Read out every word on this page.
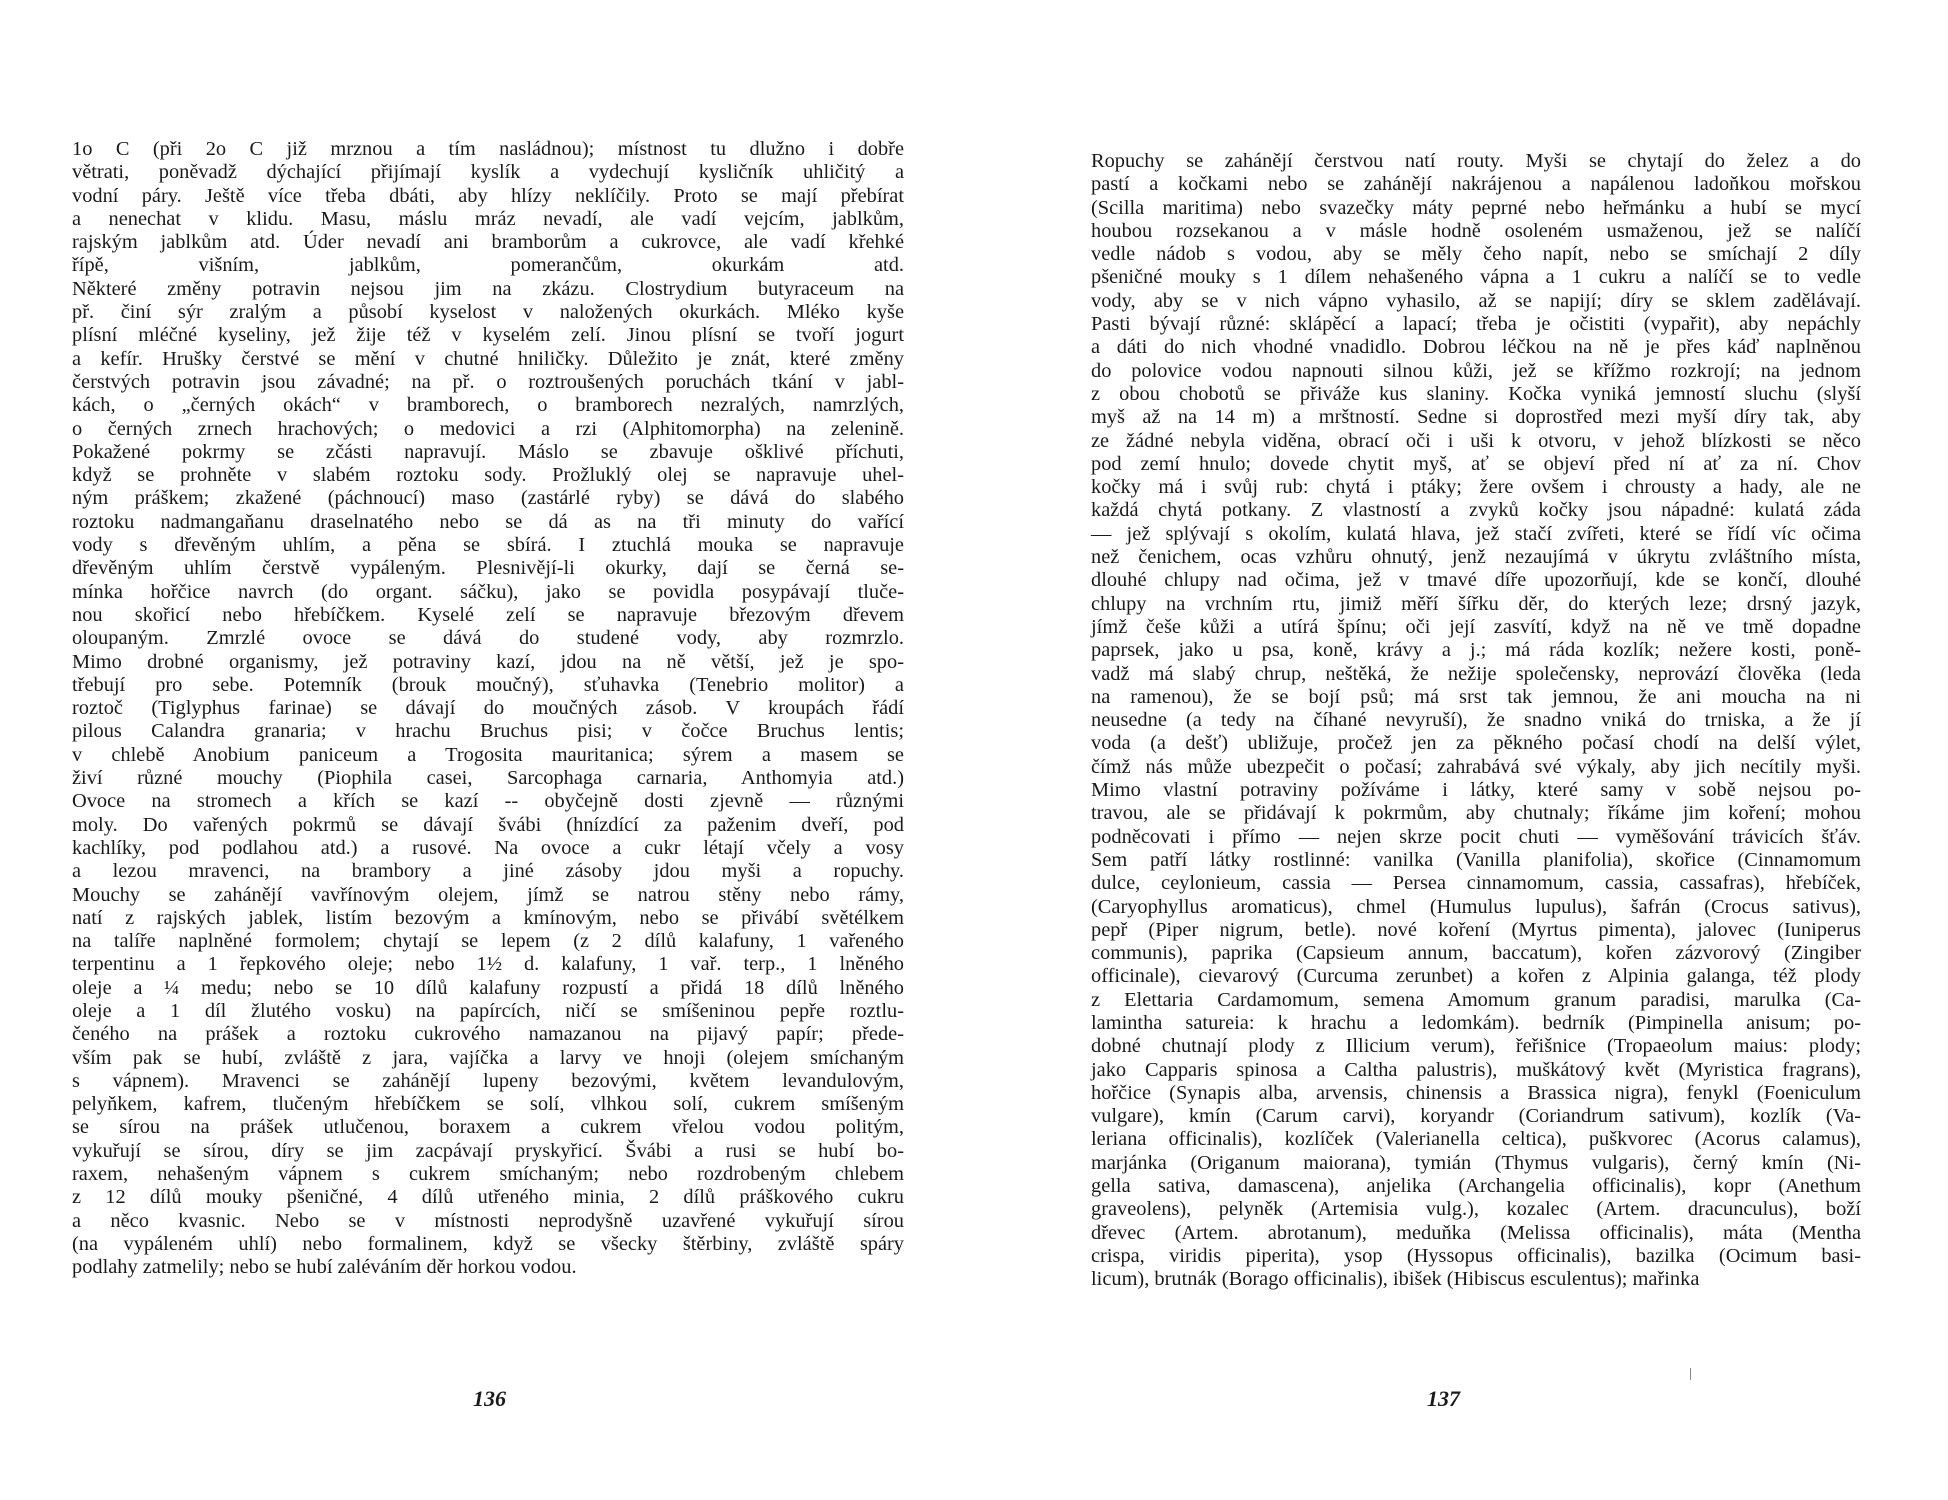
1o C (při 2o C již mrznou a tím nasládnou); místnost tu dlužno i dobře

větrati, poněvadž dýchající přijímají kyslík a vydechují kysličník uhličitý a

vodní páry. Ještě více třeba dbáti, aby hlízy neklíčily. Proto se mají přebírat

a nenechat v klidu. Masu, máslu mráz nevadí, ale vadí vejcím, jablkům,

rajským jablkům atd. Úder nevadí ani bramborům a cukrovce, ale vadí křehké

řípě, višním, jablkům, pomerančům, okurkám atd.

Některé změny potravin nejsou jim na zkázu. Clostrydium butyraceum na

př. činí sýr zralým a působí kyselost v naložených okurkách. Mléko kyše

plísní mléčné kyseliny, jež žije též v kyselém zelí. Jinou plísní se tvoří jogurt

a kefír. Hrušky čerstvé se mění v chutné hniličky. Důležito je znát, které změny

čerstvých potravin jsou závadné; na př. o roztroušených poruchách tkání v jabl-

kách, o „černých okách“ v bramborech, o bramborech nezralých, namrzlých,

o černých zrnech hrachových; o medovici a rzi (Alphitomorpha) na zelenině.

Pokažené pokrmy se zčásti napravují. Máslo se zbavuje ošklivé příchuti,

když se prohněte v slabém roztoku sody. Prožluklý olej se napravuje uhel-

ným práškem; zkažené (páchnoucí) maso (zastárlé ryby) se dává do slabého

roztoku nadmangaňanu draselnatého nebo se dá as na tři minuty do vařící

vody s dřevěným uhlím, a pěna se sbírá. I ztuchlá mouka se napravuje

dřevěným uhlím čerstvě vypáleným. Plesnivějí-li okurky, dají se černá se-

mínka hořčice navrch (do organt. sáčku), jako se povidla posypávají tluče-

nou skořicí nebo hřebíčkem. Kyselé zelí se napravuje březovým dřevem

oloupaným. Zmrzlé ovoce se dává do studené vody, aby rozmrzlo.

Mimo drobné organismy, jež potraviny kazí, jdou na ně větší, jež je spo-

třebují pro sebe. Potemník (brouk moučný), sťuhavka (Tenebrio molitor) a

roztoč (Tiglyphus farinae) se dávají do moučných zásob. V kroupách řádí

pilous Calandra granaria; v hrachu Bruchus pisi; v čočce Bruchus lentis;

v chlebě Anobium paniceum a Trogosita mauritanica; sýrem a masem se

živí různé mouchy (Piophila casei, Sarcophaga carnaria, Anthomyia atd.)

Ovoce na stromech a křích se kazí -- obyčejně dosti zjevně — různými

moly. Do vařených pokrmů se dávají švábi (hnízdící za paženim dveří, pod

kachlíky, pod podlahou atd.) a rusové. Na ovoce a cukr létají včely a vosy

a lezou mravenci, na brambory a jiné zásoby jdou myši a ropuchy.

Mouchy se zahánějí vavřínovým olejem, jímž se natrou stěny nebo rámy,

natí z rajských jablek, listím bezovým a kmínovým, nebo se přivábí světélkem

na talíře naplněné formolem; chytají se lepem (z 2 dílů kalafuny, 1 vařeného

terpentinu a 1 řepkového oleje; nebo 1½ d. kalafuny, 1 vař. terp., 1 lněného

oleje a ¼ medu; nebo se 10 dílů kalafuny rozpustí a přidá 18 dílů lněného

oleje a 1 díl žlutého vosku) na papírcích, ničí se smíšeninou pepře roztlu-

čeného na prášek a roztoku cukrového namazanou na pijavý papír; přede-

vším pak se hubí, zvláště z jara, vajíčka a larvy ve hnoji (olejem smíchaným

s vápnem). Mravenci se zahánějí lupeny bezovými, květem levandulovým,

pelyňkem, kafrem, tlučeným hřebíčkem se solí, vlhkou solí, cukrem smíšeným

se sírou na prášek utlučenou, boraxem a cukrem vřelou vodou politým,

vykuřují se sírou, díry se jim zacpávají pryskyřicí. Švábi a rusi se hubí bo-

raxem, nehašeným vápnem s cukrem smíchaným; nebo rozdrobeným chlebem

z 12 dílů mouky pšeničné, 4 dílů utřeného minia, 2 dílů práškového cukru

a něco kvasnic. Nebo se v místnosti neprodyšně uzavřené vykuřují sírou

(na vypáleném uhlí) nebo formalinem, když se všecky štěrbiny, zvláště spáry

podlahy zatmelily; nebo se hubí zaléváním děr horkou vodou.

136

Ropuchy se zahánějí čerstvou natí routy. Myši se chytají do želez a do

pastí a kočkami nebo se zahánějí nakrájenou a napálenou ladoňkou mořskou

(Scilla maritima) nebo svazečky máty peprné nebo heřmánku a hubí se mycí

houbou rozsekanou a v másle hodně osoleném usmaženou, jež se nalíčí

vedle nádob s vodou, aby se měly čeho napít, nebo se smíchají 2 díly

pšeničné mouky s 1 dílem nehašeného vápna a 1 cukru a nalíčí se to vedle

vody, aby se v nich vápno vyhasilo, až se napijí; díry se sklem zadělávají.

Pasti bývají různé: sklápěcí a lapací; třeba je očistiti (vypařit), aby nepáchly

a dáti do nich vhodné vnadidlo. Dobrou léčkou na ně je přes káď naplněnou

do polovice vodou napnouti silnou kůži, jež se křížmo rozkrojí; na jednom

z obou chobotů se přiváže kus slaniny. Kočka vyniká jemností sluchu (slyší

myš až na 14 m) a mrštností. Sedne si doprostřed mezi myší díry tak, aby

ze žádné nebyla viděna, obrací oči i uši k otvoru, v jehož blízkosti se něco

pod zemí hnulo; dovede chytit myš, ať se objeví před ní ať za ní. Chov

kočky má i svůj rub: chytá i ptáky; žere ovšem i chrousty a hady, ale ne

každá chytá potkany. Z vlastností a zvyků kočky jsou nápadné: kulatá záda

— jež splývají s okolím, kulatá hlava, jež stačí zvířeti, které se řídí víc očima

než čenichem, ocas vzhůru ohnutý, jenž nezaujímá v úkrytu zvláštního místa,

dlouhé chlupy nad očima, jež v tmavé díře upozorňují, kde se končí, dlouhé

chlupy na vrchním rtu, jimiž měří šířku děr, do kterých leze; drsný jazyk,

jímž češe kůži a utírá špínu; oči její zasvítí, když na ně ve tmě dopadne

paprsek, jako u psa, koně, krávy a j.; má ráda kozlík; nežere kosti, poně-

vadž má slabý chrup, neštěká, že nežije společensky, neprovází člověka (leda

na ramenou), že se bojí psů; má srst tak jemnou, že ani moucha na ni

neusedne (a tedy na číhané nevyruší), že snadno vniká do trniska, a že jí

voda (a dešť) ubližuje, pročež jen za pěkného počasí chodí na delší výlet,

čímž nás může ubezpečit o počasí; zahrabává své výkaly, aby jich necítily myši.

Mimo vlastní potraviny požíváme i látky, které samy v sobě nejsou po-

travou, ale se přidávají k pokrmům, aby chutnaly; říkáme jim koření; mohou

podněcovati i přímo — nejen skrze pocit chuti — vyměšování trávicích šťáv.

Sem patří látky rostlinné: vanilka (Vanilla planifolia), skořice (Cinnamomum

dulce, ceylonieum, cassia — Persea cinnamomum, cassia, cassafras), hřebíček,

(Caryophyllus aromaticus), chmel (Humulus lupulus), šafrán (Crocus sativus),

pepř (Piper nigrum, betle). nové koření (Myrtus pimenta), jalovec (Iuniperus

communis), paprika (Capsieum annum, baccatum), kořen zázvorový (Zingiber

officinale), cievarový (Curcuma zerunbet) a kořen z Alpinia galanga, též plody

z Elettaria Cardamomum, semena Amomum granum paradisi, marulka (Ca-

lamintha satureia: k hrachu a ledomkám). bedrník (Pimpinella anisum; po-

dobné chutnají plody z Illicium verum), řeřišnice (Tropaeolum maius: plody;

jako Capparis spinosa a Caltha palustris), muškátový květ (Myristica fragrans),

hořčice (Synapis alba, arvensis, chinensis a Brassica nigra), fenykl (Foeniculum

vulgare), kmín (Carum carvi), koryandr (Coriandrum sativum), kozlík (Va-

leriana officinalis), kozlíček (Valerianella celtica), puškvorec (Acorus calamus),

marjánka (Origanum maiorana), tymián (Thymus vulgaris), černý kmín (Ni-

gella sativa, damascena), anjelika (Archangelia officinalis), kopr (Anethum

graveolens), pelyněk (Artemisia vulg.), kozalec (Artem. dracunculus), boží

dřevec (Artem. abrotanum), meduňka (Melissa officinalis), máta (Mentha

crispa, viridis piperita), ysop (Hyssopus officinalis), bazilka (Ocimum basi-

licum), brutnák (Borago officinalis), ibišek (Hibiscus esculentus); mařinka

137
